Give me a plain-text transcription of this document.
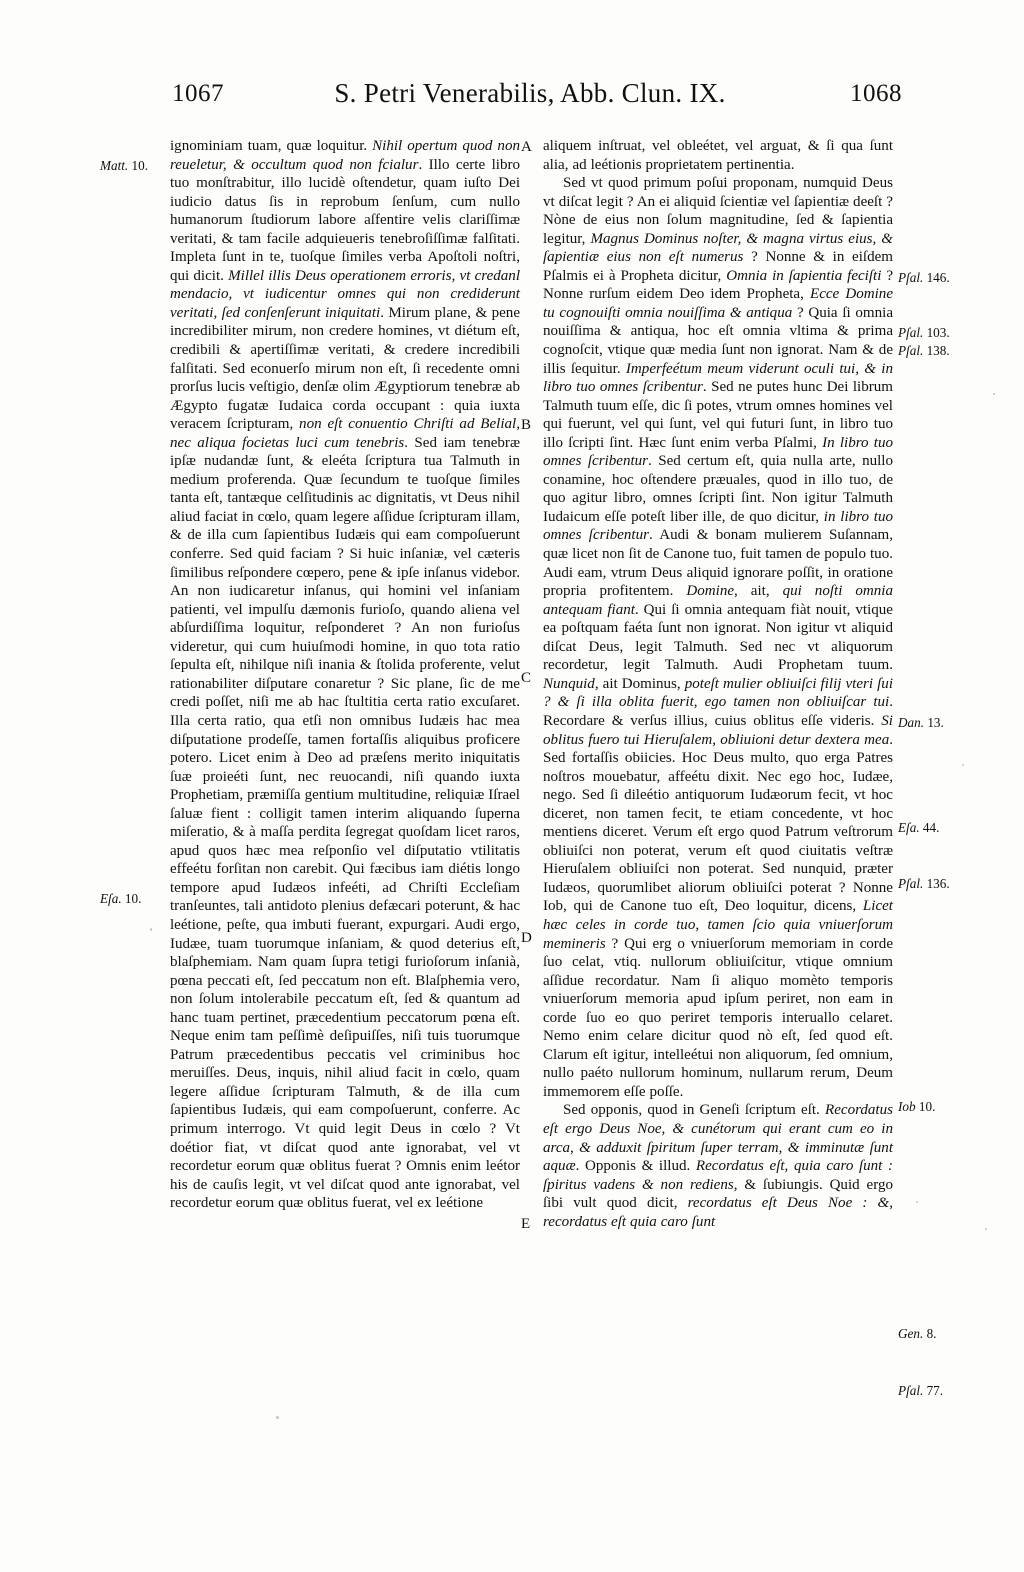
1067	S. Petri Venerabilis, Abb. Clun. IX.	1068

ignominiam tuam, quæ loquitur. Nihil opertum quod non reueletur, & occultum quod non fcialur. Illo certe libro tuo monſtrabitur, illo lucidè oſtendetur, quam iuſto Dei iudicio datus ſis in reprobum ſenſum, cum nullo humanorum ſtudiorum labore aſfentire velis clariſſimæ veritati, & tam facile adquieueris tenebroſiſſimæ falſitati. Impleta ſunt in te, tuoſque ſimiles verba Apoſtoli noſtri, qui dicit. Millel illis Deus operationem erroris, vt credanl mendacio, vt iudicentur omnes qui non crediderunt veritati, ſed conſenſerunt iniquitati. Mirum plane, & pene incredibiliter mirum, non credere homines, vt diétum eſt, credibili & apertiſſimæ veritati, & credere incredibili falſitati. Sed econuerſo mirum non eſt, ſi recedente omni prorſus lucis veſtigio, denſæ olim Ægyptiorum tenebræ ab Ægypto fugatæ Iudaica corda occupant : quia iuxta veracem ſcripturam, non eſt conuentio Chriſti ad Belial, nec aliqua focietas luci cum tenebris. Sed iam tenebræ ipſæ nudandæ ſunt, & eleéta ſcriptura tua Talmuth in medium proferenda. Quæ ſecundum te tuoſque ſimiles tanta eſt, tantæque celſitudinis ac dignitatis, vt Deus nihil aliud faciat in cœlo, quam legere aſſidue ſcripturam illam, & de illa cum ſapientibus Iudæis qui eam compoſuerunt conferre. Sed quid faciam ? Si huic inſaniæ, vel cæteris ſimilibus reſpondere cœpero, pene & ipſe inſanus videbor. An non iudicaretur inſanus, qui homini vel inſaniam patienti, vel impulſu dæmonis furioſo, quando aliena vel abſurdiſſima loquitur, reſponderet ? An non furioſus videretur, qui cum huiuſmodi homine, in quo tota ratio ſepulta eſt, nihilque niſi inania & ſtolida proferente, velut rationabiliter diſputare conaretur ? Sic plane, ſic de me credi poſſet, niſi me ab hac ſtultitia certa ratio excuſaret. Illa certa ratio, qua etſi non omnibus Iudæis hac mea diſputatione prodeſſe, tamen fortaſſis aliquibus proficere potero. Licet enim à Deo ad præſens merito iniquitatis ſuæ proieéti ſunt, nec reuocandi, niſi quando iuxta Prophetiam, præmiſſa gentium multitudine, reliquiæ Iſrael ſaluæ fient : colligit tamen interim aliquando ſuperna miſeratio, & à maſſa perdita ſegregat quoſdam licet raros, apud quos hæc mea reſponſio vel diſputatio vtilitatis effeétu forſitan non carebit. Qui fæcibus iam diétis longo tempore apud Iudæos infeéti, ad Chriſti Eccleſiam tranſeuntes, tali antidoto plenius defæcari poterunt, & hac leétione, peſte, qua imbuti fuerant, expurgari. Audi ergo, Iudæe, tuam tuorumque inſaniam, & quod deterius eſt, blaſphemiam. Nam quam ſupra tetigi furioſorum inſanià, pœna peccati eſt, ſed peccatum non eſt. Blaſphemia vero, non ſolum intolerabile peccatum eſt, ſed & quantum ad hanc tuam pertinet, præcedentium peccatorum pœna eſt. Neque enim tam peſſimè deſipuiſſes, niſi tuis tuorumque Patrum præcedentibus peccatis vel criminibus hoc meruiſſes. Deus, inquis, nihil aliud facit in cœlo, quam legere aſſidue ſcripturam Talmuth, & de illa cum ſapientibus Iudæis, qui eam compoſuerunt, conferre. Ac primum interrogo. Vt quid legit Deus in cœlo ? Vt doétior fiat, vt diſcat quod ante ignorabat, vel vt recordetur eorum quæ oblitus fuerat ? Omnis enim leétor his de cauſis legit, vt vel diſcat quod ante ignorabat, vel recordetur eorum quæ oblitus fuerat, vel ex leétione

aliquem inſtruat, vel obleétet, vel arguat, & ſi qua ſunt alia, ad leétionis proprietatem pertinentia.

Sed vt quod primum poſui proponam, numquid Deus vt diſcat legit ? An ei aliquid ſcientiæ vel ſapientiæ deeſt ? Nòne de eius non ſolum magnitudine, ſed & ſapientia legitur, Magnus Dominus noſter, & magna virtus eius, & ſapientiæ eius non eſt numerus ? Nonne & in eiſdem Pſalmis ei à Propheta dicitur, Omnia in ſapientia feciſti ? Nonne rurſum eidem Deo idem Propheta, Ecce Domine tu cognouiſti omnia nouiſſima & antiqua ? Quia ſi omnia nouiſſima & antiqua, hoc eſt omnia vltima & prima cognoſcit, vtique quæ media ſunt non ignorat. Nam & de illis ſequitur. Imperfeétum meum viderunt oculi tui, & in libro tuo omnes ſcribentur. Sed ne putes hunc Dei librum Talmuth tuum eſſe, dic ſi potes, vtrum omnes homines vel qui fuerunt, vel qui ſunt, vel qui futuri ſunt, in libro tuo illo ſcripti ſint. Hæc ſunt enim verba Pſalmi, In libro tuo omnes ſcribentur. Sed certum eſt, quia nulla arte, nullo conamine, hoc oſtendere præuales, quod in illo tuo, de quo agitur libro, omnes ſcripti ſint. Non igitur Talmuth Iudaicum eſſe poteſt liber ille, de quo dicitur, in libro tuo omnes ſcribentur. Audi & bonam mulierem Suſannam, quæ licet non ſit de Canone tuo, fuit tamen de populo tuo. Audi eam, vtrum Deus aliquid ignorare poſſit, in oratione propria profitentem. Domine, ait, qui noſti omnia antequam fiant. Qui ſi omnia antequam fiàt nouit, vtique ea poſtquam faéta ſunt non ignorat. Non igitur vt aliquid diſcat Deus, legit Talmuth. Sed nec vt aliquorum recordetur, legit Talmuth. Audi Prophetam tuum. Nunquid, ait Dominus, poteſt mulier obliuiſci filij vteri ſui ? & ſi illa oblita fuerit, ego tamen non obliuiſcar tui. Recordare & verſus illius, cuius oblitus eſſe videris. Si oblitus fuero tui Hieruſalem, obliuioni detur dextera mea. Sed fortaſſis obiicies. Hoc Deus multo, quo erga Patres noſtros mouebatur, affeétu dixit. Nec ego hoc, Iudæe, nego. Sed ſi dileétio antiquorum Iudæorum fecit, vt hoc diceret, non tamen fecit, te etiam concedente, vt hoc mentiens diceret. Verum eſt ergo quod Patrum veſtrorum obliuiſci non poterat, verum eſt quod ciuitatis veſtræ Hieruſalem obliuiſci non poterat. Sed nunquid, præter Iudæos, quorumlibet aliorum obliuiſci poterat ? Nonne Iob, qui de Canone tuo eſt, Deo loquitur, dicens, Licet hæc celes in corde tuo, tamen ſcio quia vniuerſorum memineris ? Qui erg o vniuerſorum memoriam in corde ſuo celat, vtiq. nullorum obliuiſcitur, vtique omnium aſſidue recordatur. Nam ſi aliquo momèto temporis vniuerſorum memoria apud ipſum periret, non eam in corde ſuo eo quo periret temporis interuallo celaret. Nemo enim celare dicitur quod nò eſt, ſed quod eſt. Clarum eſt igitur, intelleétui non aliquorum, ſed omnium, nullo paéto nullorum hominum, nullarum rerum, Deum immemorem eſſe poſſe.

Sed opponis, quod in Geneſi ſcriptum eſt. Recordatus eſt ergo Deus Noe, & cunétorum qui erant cum eo in arca, & adduxit ſpiritum ſuper terram, & imminutæ ſunt aquæ. Opponis & illud. Recordatus eſt, quia caro ſunt : ſpiritus vadens & non rediens, & ſubiungis. Quid ergo ſibi vult quod dicit, recordatus eſt Deus Noe : &, recordatus eſt quia caro ſunt

Matt. 10.
Eſa. 10.
Pſal. 146.
Pſal. 103.
Pſal. 138.
Dan. 13.
Eſa. 44.
Pſal. 136.
Iob 10.
Gen. 8.
Pſal. 77.
A
B
C
D
E
